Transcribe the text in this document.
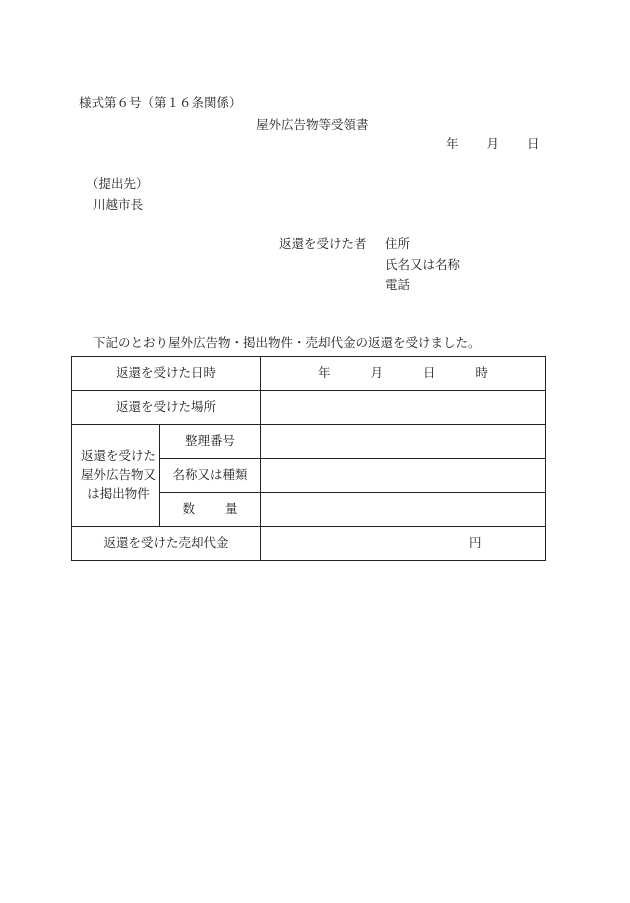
様式第６号（第１６条関係）
屋外広告物等受領書
年 月 日
（提出先）
川越市長
返還を受けた者 住所
氏名又は名称
電話
下記のとおり屋外広告物・掲出物件・売却代金の返還を受けました。
返還を受けた日時		年 月 日 時
返還を受けた場所		
返還を受けた
屋外広告物又
は掲出物件	整理番号	
	名称又は種類	
	数 量	
返還を受けた売却代金		円
